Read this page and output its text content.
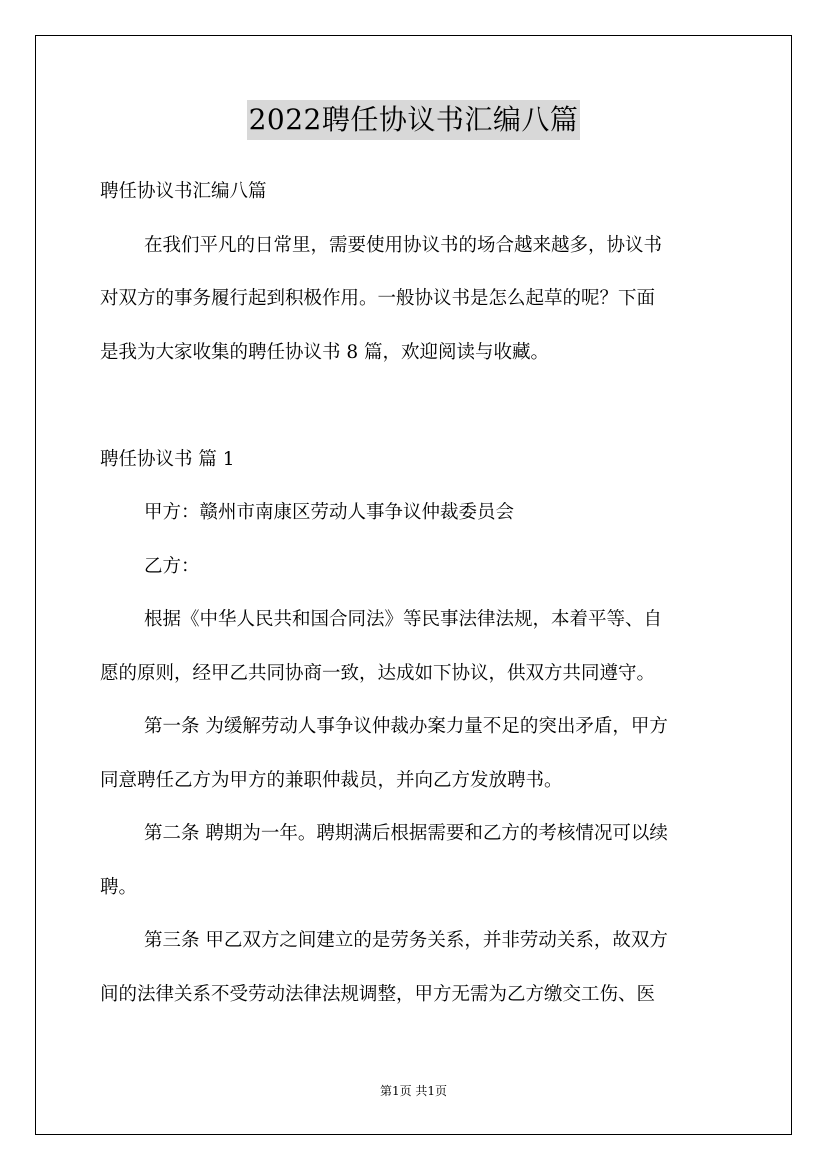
2022聘任协议书汇编八篇
聘任协议书汇编八篇
在我们平凡的日常里，需要使用协议书的场合越来越多，协议书
对双方的事务履行起到积极作用。一般协议书是怎么起草的呢？下面
是我为大家收集的聘任协议书 8 篇，欢迎阅读与收藏。
聘任协议书 篇 1
甲方：赣州市南康区劳动人事争议仲裁委员会
乙方：
根据《中华人民共和国合同法》等民事法律法规，本着平等、自
愿的原则，经甲乙共同协商一致，达成如下协议，供双方共同遵守。
第一条 为缓解劳动人事争议仲裁办案力量不足的突出矛盾，甲方
同意聘任乙方为甲方的兼职仲裁员，并向乙方发放聘书。
第二条 聘期为一年。聘期满后根据需要和乙方的考核情况可以续
聘。
第三条 甲乙双方之间建立的是劳务关系，并非劳动关系，故双方
间的法律关系不受劳动法律法规调整，甲方无需为乙方缴交工伤、医
第1页 共1页
